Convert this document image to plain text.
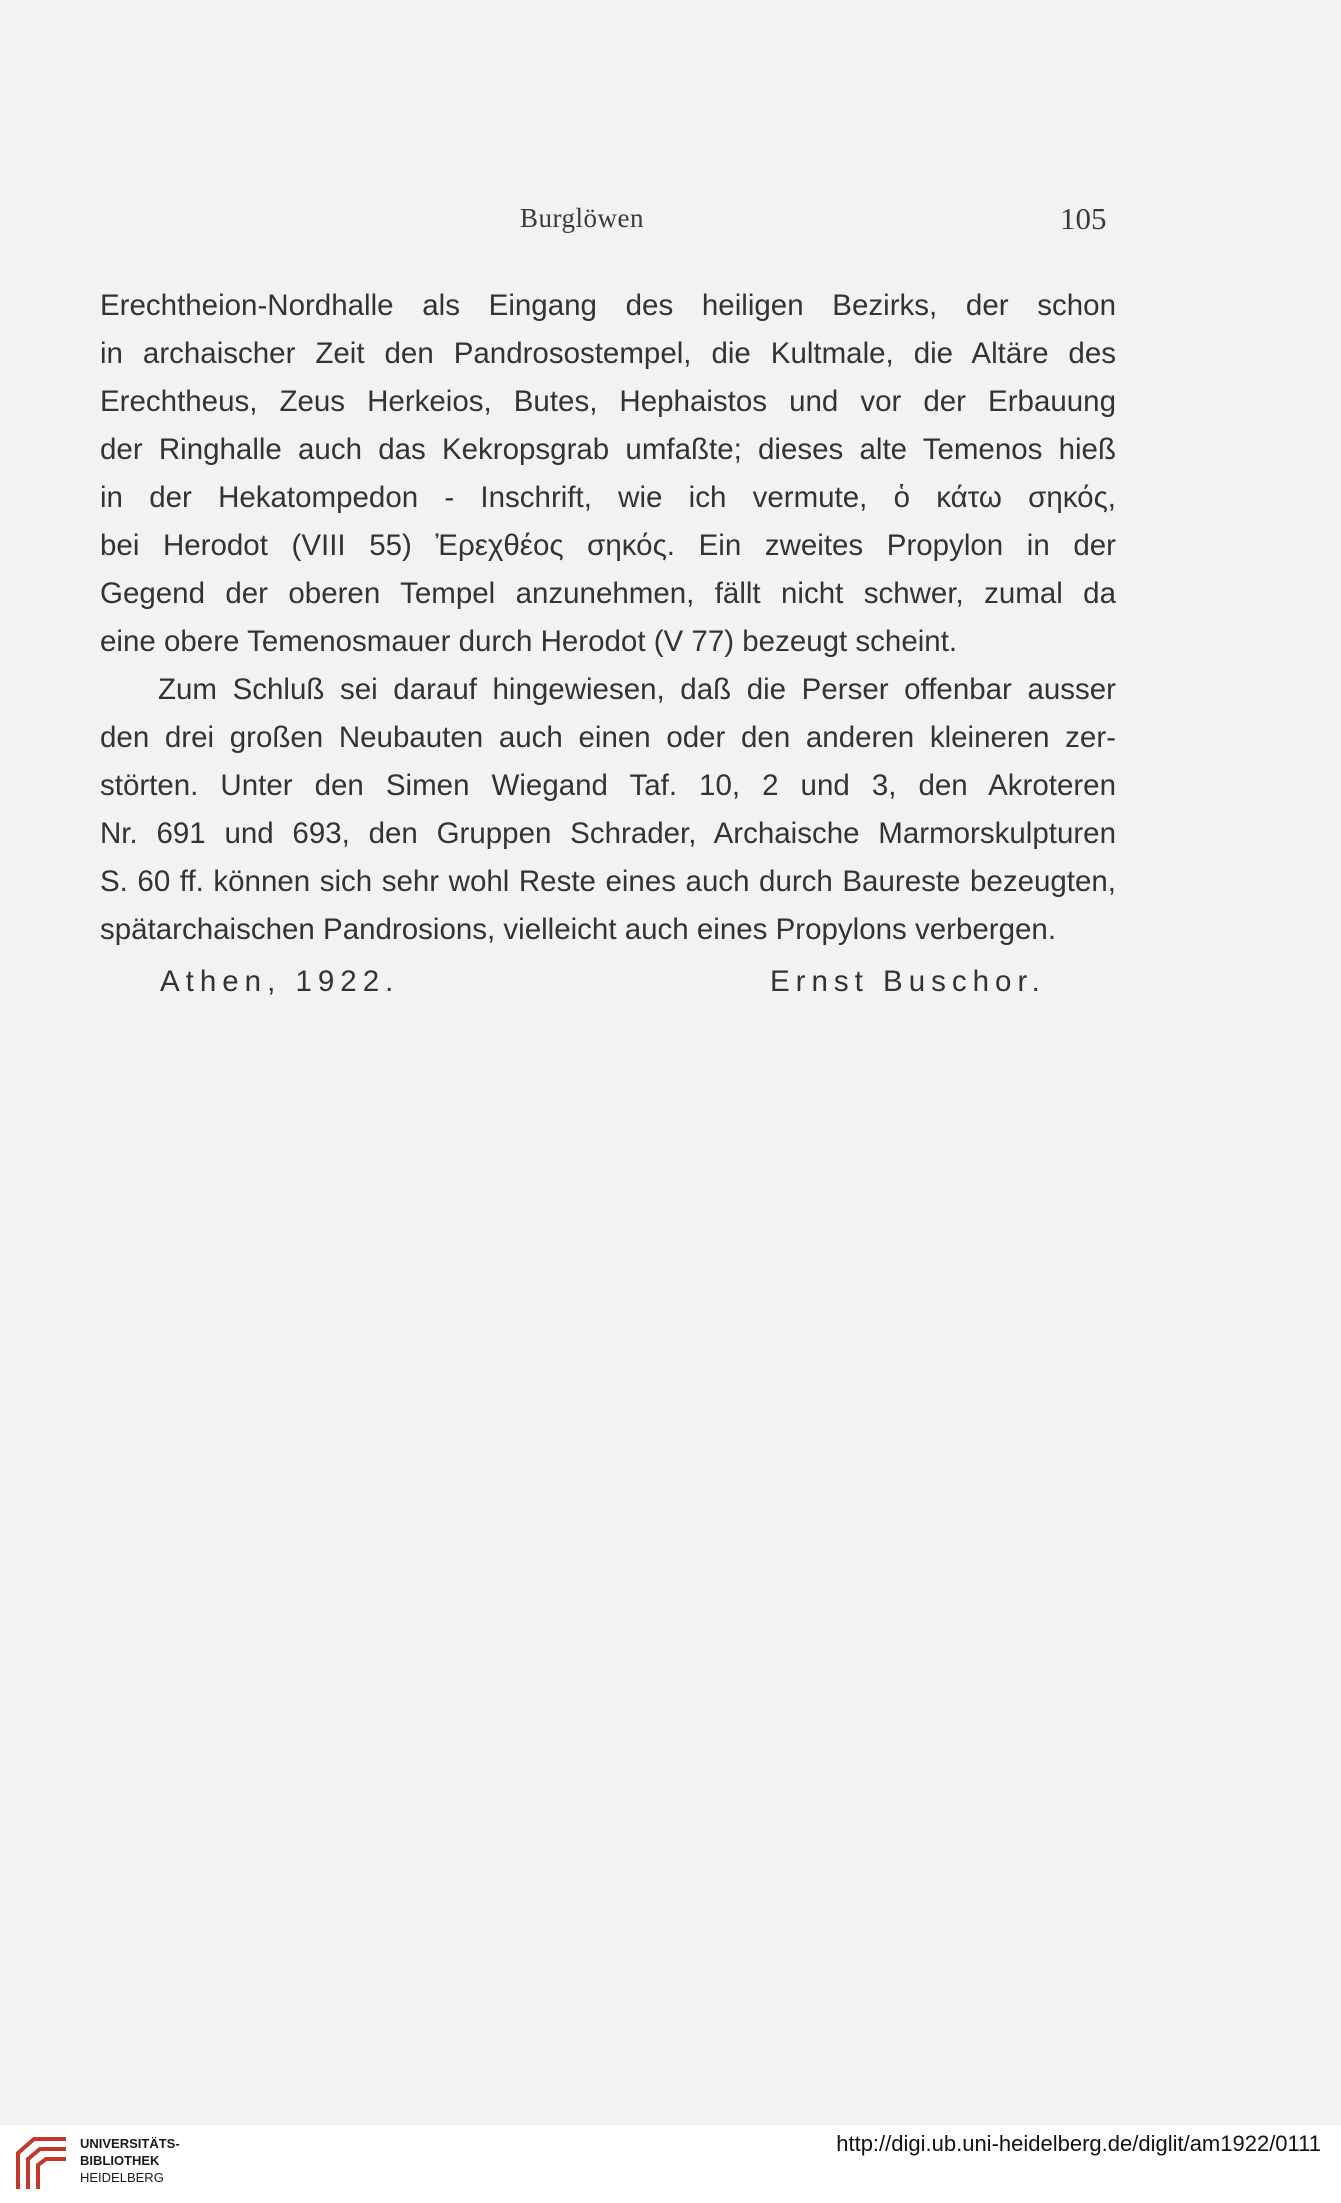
Burglöwen	105
Erechtheion-Nordhalle als Eingang des heiligen Bezirks, der schon
in archaischer Zeit den Pandrosostempel, die Kultmale, die Altäre des
Erechtheus, Zeus Herkeios, Butes, Hephaistos und vor der Erbauung
der Ringhalle auch das Kekropsgrab umfaßte; dieses alte Temenos hieß
in der Hekatompedon - Inschrift, wie ich vermute, ὁ κάτω σηκός,
bei Herodot (VIII 55) Ἐρεχθέος σηκός. Ein zweites Propylon in der
Gegend der oberen Tempel anzunehmen, fällt nicht schwer, zumal da
eine obere Temenosmauer durch Herodot (V 77) bezeugt scheint.
Zum Schluß sei darauf hingewiesen, daß die Perser offenbar ausser
den drei großen Neubauten auch einen oder den anderen kleineren zer-
störten. Unter den Simen Wiegand Taf. 10, 2 und 3, den Akroteren
Nr. 691 und 693, den Gruppen Schrader, Archaische Marmorskulpturen
S. 60 ff. können sich sehr wohl Reste eines auch durch Baureste bezeugten,
spätarchaischen Pandrosions, vielleicht auch eines Propylons verbergen.
Athen, 1922.	Ernst Buschor.
UNIVERSITÄTS-
BIBLIOTHEK
HEIDELBERG
http://digi.ub.uni-heidelberg.de/diglit/am1922/0111
